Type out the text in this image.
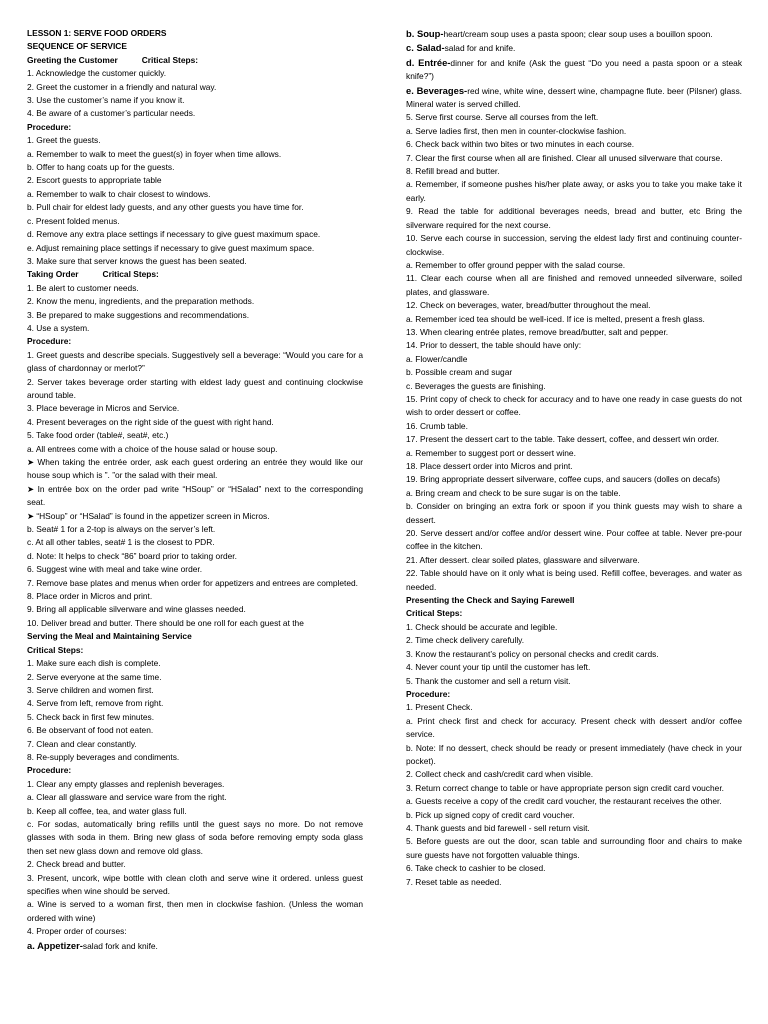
LESSON 1: SERVE FOOD ORDERS

SEQUENCE OF SERVICE

Greeting the Customer	Critical Steps:

1. Acknowledge the customer quickly.

2. Greet the customer in a friendly and natural way.

3. Use the customer’s name if you know it.

4. Be aware of a customer’s particular needs.

Procedure:

1. Greet the guests.

a. Remember to walk to meet the guest(s) in foyer when time allows.

b. Offer to hang coats up for the guests.

2. Escort guests to appropriate table

a. Remember to walk to chair closest to windows.

b. Pull chair for eldest lady guests, and any other guests you have time for.

c. Present folded menus.

d. Remove any extra place settings if necessary to give guest maximum space.

e. Adjust remaining place settings if necessary to give guest maximum space.

3. Make sure that server knows the guest has been seated.

Taking Order	Critical Steps:

1. Be alert to customer needs.

2. Know the menu, ingredients, and the preparation methods.

3. Be prepared to make suggestions and recommendations.

4. Use a system.

Procedure:

1. Greet guests and describe specials. Suggestively sell a beverage: “Would you care for a glass of chardonnay or merlot?”

2. Server takes beverage order starting with eldest lady guest and continuing clockwise around table.

3. Place beverage in Micros and Service.

4. Present beverages on the right side of the guest with right hand.

5. Take food order (table#, seat#, etc.)

a. All entrees come with a choice of the house salad or house soup.

➤ When taking the entrée order, ask each guest ordering an entrée they would like our house soup which is ”. ”or the salad with their meal.

➤ In entrée box on the order pad write “HSoup” or “HSalad” next to the corresponding seat.

➤ “HSoup” or “HSalad” is found in the appetizer screen in Micros.

b. Seat# 1 for a 2-top is always on the server’s left.

c. At all other tables, seat# 1 is the closest to PDR.

d. Note: It helps to check “86” board prior to taking order.

6. Suggest wine with meal and take wine order.

7. Remove base plates and menus when order for appetizers and entrees are completed.

8. Place order in Micros and print.

9. Bring all applicable silverware and wine glasses needed.

10. Deliver bread and butter. There should be one roll for each guest at the

Serving the Meal and Maintaining Service

Critical Steps:

1. Make sure each dish is complete.

2. Serve everyone at the same time.

3. Serve children and women first.

4. Serve from left, remove from right.

5. Check back in first few minutes.

6. Be observant of food not eaten.

7. Clean and clear constantly.

8. Re-supply beverages and condiments.

Procedure:

1. Clear any empty glasses and replenish beverages.

a. Clear all glassware and service ware from the right.

b. Keep all coffee, tea, and water glass full.

c. For sodas, automatically bring refills until the guest says no more. Do not remove glasses with soda in them. Bring new glass of soda before removing empty soda glass then set new glass down and remove old glass.

2. Check bread and butter.

3. Present, uncork, wipe bottle with clean cloth and serve wine it ordered. unless guest specifies when wine should be served.

a. Wine is served to a woman first, then men in clockwise fashion. (Unless the woman ordered with wine)

4. Proper order of courses:

a. Appetizer-salad fork and knife.

b. Soup-heart/cream soup uses a pasta spoon; clear soup uses a bouillon spoon.

c. Salad-salad for and knife.

d. Entrée-dinner for and knife (Ask the guest “Do you need a pasta spoon or a steak knife?”)

e. Beverages-red wine, white wine, dessert wine, champagne flute. beer (Pilsner) glass. Mineral water is served chilled.

5. Serve first course. Serve all courses from the left.

a. Serve ladies first, then men in counter-clockwise fashion.

6. Check back within two bites or two minutes in each course.

7. Clear the first course when all are finished. Clear all unused silverware that course.

8. Refill bread and butter.

a. Remember, if someone pushes his/her plate away, or asks you to take you make take it early.

9. Read the table for additional beverages needs, bread and butter, etc Bring the silverware required for the next course.

10. Serve each course in succession, serving the eldest lady first and continuing counter-clockwise.

a. Remember to offer ground pepper with the salad course.

11. Clear each course when all are finished and removed unneeded silverware, soiled plates, and glassware.

12. Check on beverages, water, bread/butter throughout the meal.

a. Remember iced tea should be well-iced. If ice is melted, present a fresh glass.

13. When clearing entrée plates, remove bread/butter, salt and pepper.

14. Prior to dessert, the table should have only:

a. Flower/candle

b. Possible cream and sugar

c. Beverages the guests are finishing.

15. Print copy of check to check for accuracy and to have one ready in case guests do not wish to order dessert or coffee.

16. Crumb table.

17. Present the dessert cart to the table. Take dessert, coffee, and dessert win order.

a. Remember to suggest port or dessert wine.

18. Place dessert order into Micros and print.

19. Bring appropriate dessert silverware, coffee cups, and saucers (dolles on decafs)

a. Bring cream and check to be sure sugar is on the table.

b. Consider on bringing an extra fork or spoon if you think guests may wish to share a dessert.

20. Serve dessert and/or coffee and/or dessert wine. Pour coffee at table. Never pre-pour coffee in the kitchen.

21. After dessert. clear soiled plates, glassware and silverware.

22. Table should have on it only what is being used. Refill coffee, beverages. and water as needed.

Presenting the Check and Saying Farewell

Critical Steps:

1. Check should be accurate and legible.

2. Time check delivery carefully.

3. Know the restaurant’s policy on personal checks and credit cards.

4. Never count your tip until the customer has left.

5. Thank the customer and sell a return visit.

Procedure:

1. Present Check.

a. Print check first and check for accuracy. Present check with dessert and/or coffee service.

b. Note: If no dessert, check should be ready or present immediately (have check in your pocket).

2. Collect check and cash/credit card when visible.

3. Return correct change to table or have appropriate person sign credit card voucher.

a. Guests receive a copy of the credit card voucher, the restaurant receives the other.

b. Pick up signed copy of credit card voucher.

4. Thank guests and bid farewell - sell return visit.

5. Before guests are out the door, scan table and surrounding floor and chairs to make sure guests have not forgotten valuable things.

6. Take check to cashier to be closed.

7. Reset table as needed.
